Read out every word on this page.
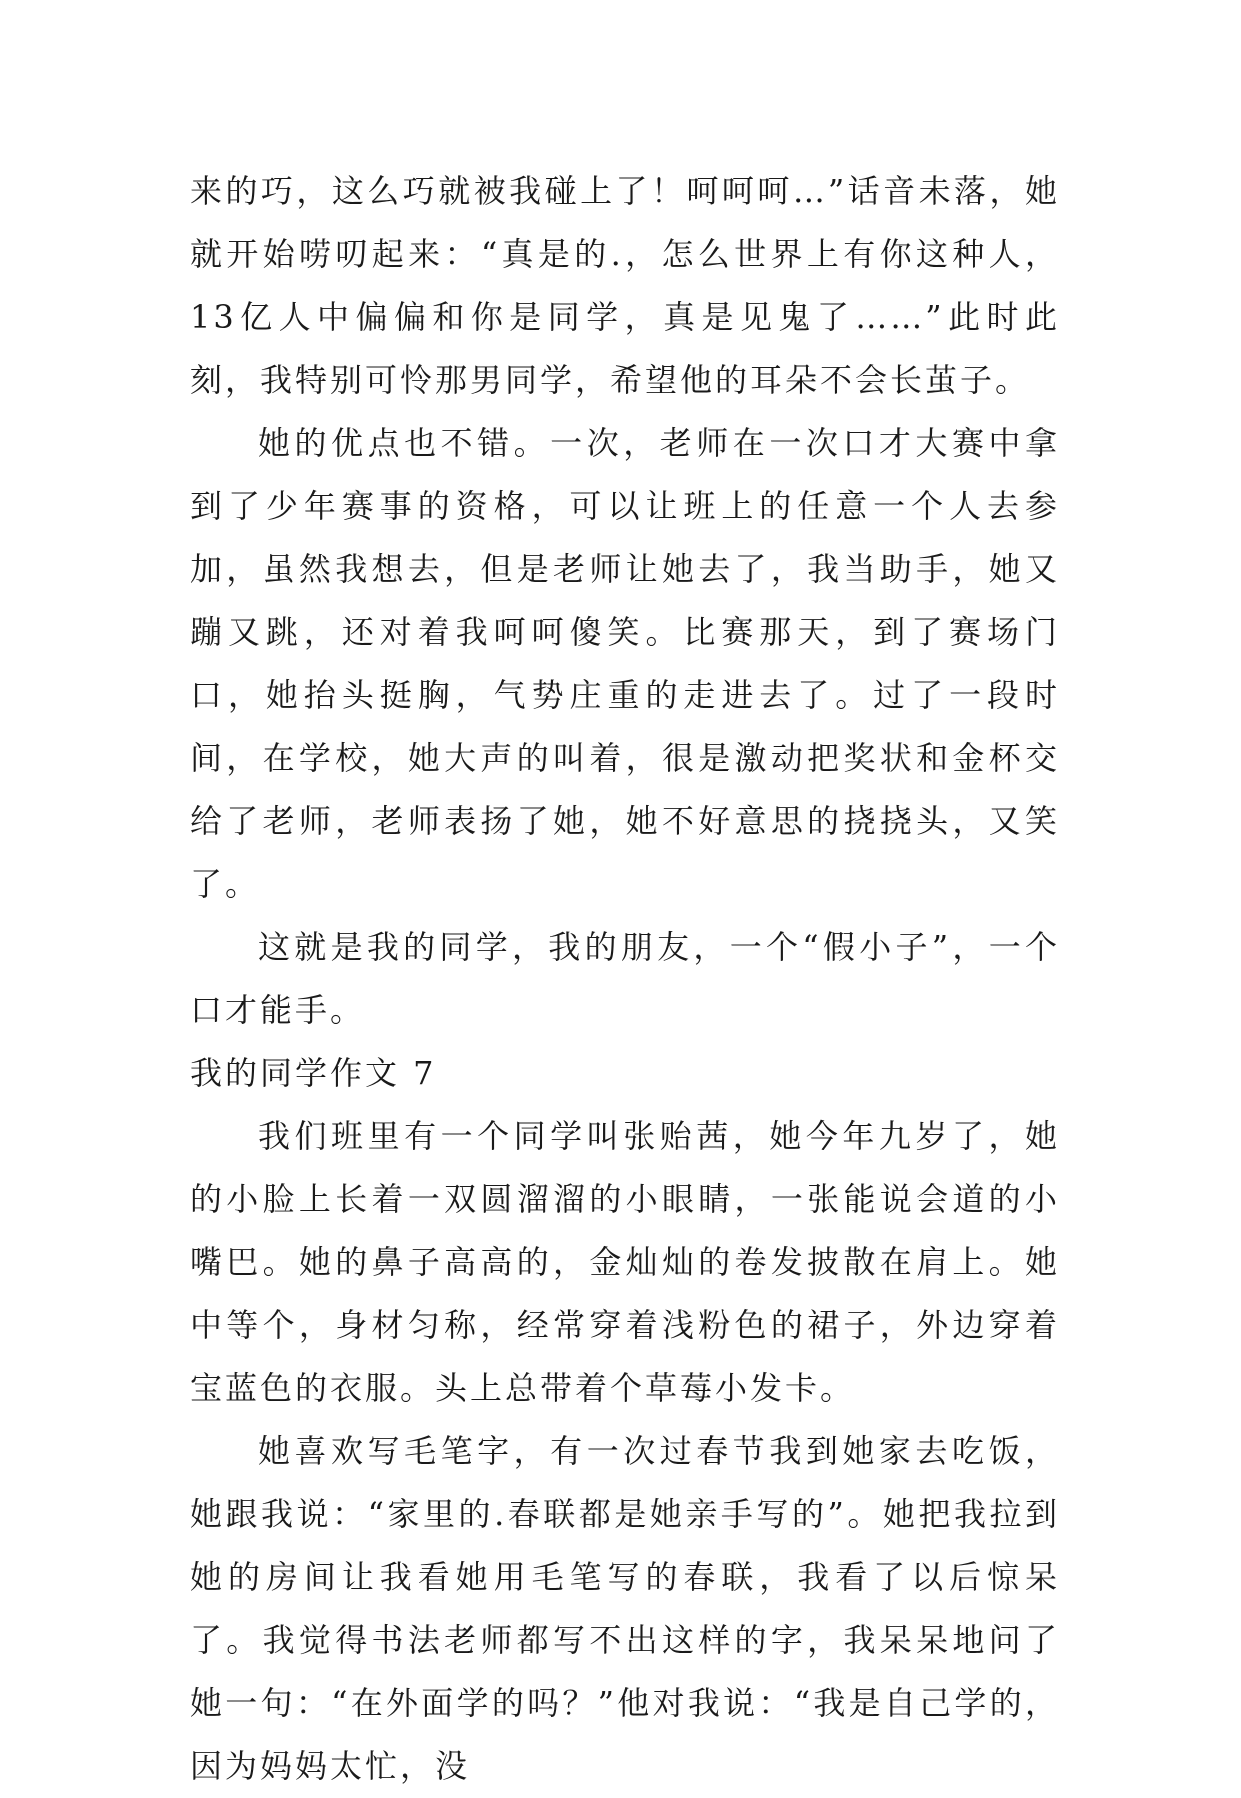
来的巧，这么巧就被我碰上了！呵呵呵…”话音未落，她就开始唠叨起来：“真是的.，怎么世界上有你这种人，13亿人中偏偏和你是同学，真是见鬼了……”此时此刻，我特别可怜那男同学，希望他的耳朵不会长茧子。

她的优点也不错。一次，老师在一次口才大赛中拿到了少年赛事的资格，可以让班上的任意一个人去参加，虽然我想去，但是老师让她去了，我当助手，她又蹦又跳，还对着我呵呵傻笑。比赛那天，到了赛场门口，她抬头挺胸，气势庄重的走进去了。过了一段时间，在学校，她大声的叫着，很是激动把奖状和金杯交给了老师，老师表扬了她，她不好意思的挠挠头，又笑了。

这就是我的同学，我的朋友，一个“假小子”，一个口才能手。

我的同学作文 7

我们班里有一个同学叫张贻茜，她今年九岁了，她的小脸上长着一双圆溜溜的小眼睛，一张能说会道的小嘴巴。她的鼻子高高的，金灿灿的卷发披散在肩上。她中等个，身材匀称，经常穿着浅粉色的裙子，外边穿着宝蓝色的衣服。头上总带着个草莓小发卡。

她喜欢写毛笔字，有一次过春节我到她家去吃饭，她跟我说：“家里的.春联都是她亲手写的”。她把我拉到她的房间让我看她用毛笔写的春联，我看了以后惊呆了。我觉得书法老师都写不出这样的字，我呆呆地问了她一句：“在外面学的吗？”他对我说：“我是自己学的，因为妈妈太忙，没
